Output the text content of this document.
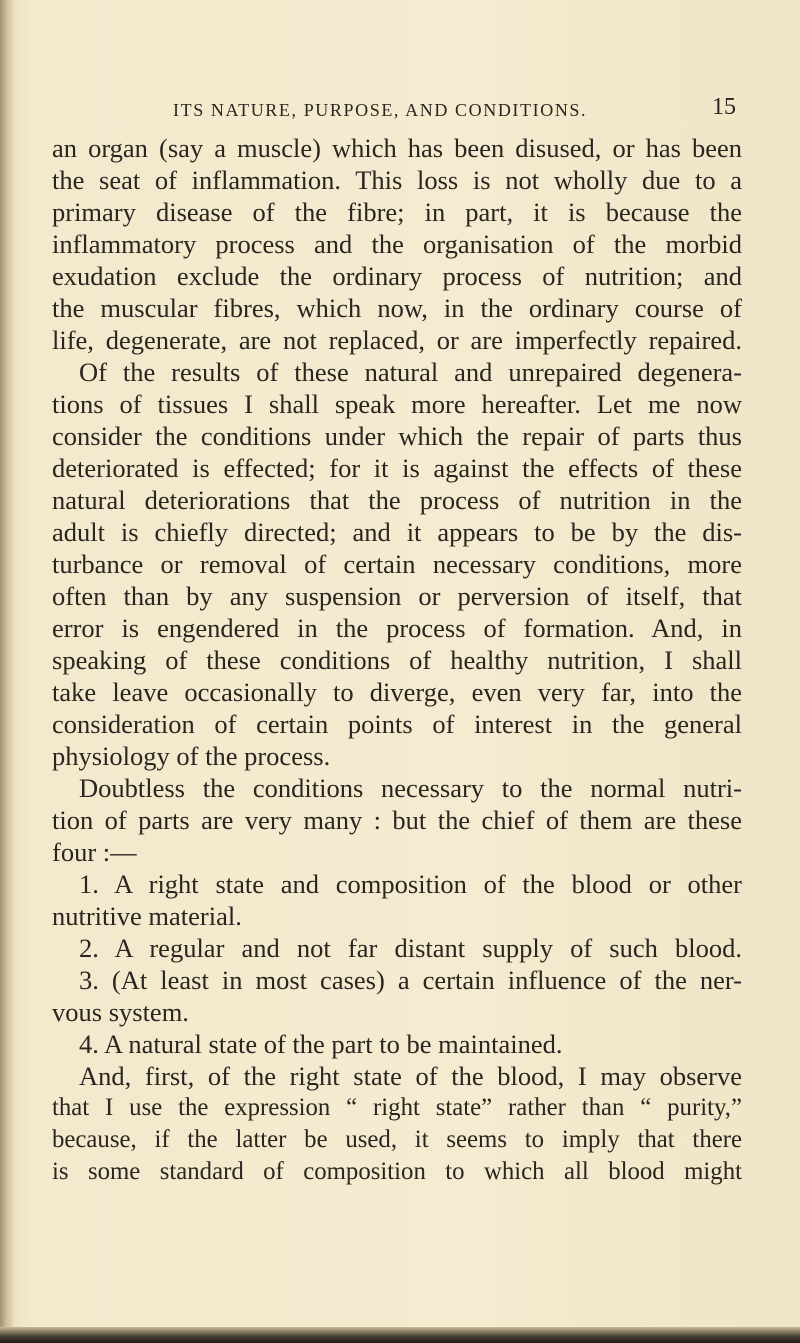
ITS NATURE, PURPOSE, AND CONDITIONS.	15
an organ (say a muscle) which has been disused, or has been
the seat of inflammation. This loss is not wholly due to a
primary disease of the fibre; in part, it is because the
inflammatory process and the organisation of the morbid
exudation exclude the ordinary process of nutrition; and
the muscular fibres, which now, in the ordinary course of
life, degenerate, are not replaced, or are imperfectly repaired.
Of the results of these natural and unrepaired degenera-
tions of tissues I shall speak more hereafter. Let me now
consider the conditions under which the repair of parts thus
deteriorated is effected; for it is against the effects of these
natural deteriorations that the process of nutrition in the
adult is chiefly directed; and it appears to be by the dis-
turbance or removal of certain necessary conditions, more
often than by any suspension or perversion of itself, that
error is engendered in the process of formation. And, in
speaking of these conditions of healthy nutrition, I shall
take leave occasionally to diverge, even very far, into the
consideration of certain points of interest in the general
physiology of the process.
Doubtless the conditions necessary to the normal nutri-
tion of parts are very many : but the chief of them are these
four :—
1. A right state and composition of the blood or other
nutritive material.
2. A regular and not far distant supply of such blood.
3. (At least in most cases) a certain influence of the ner-
vous system.
4. A natural state of the part to be maintained.
And, first, of the right state of the blood, I may observe
that I use the expression “ right state” rather than “ purity,”
because, if the latter be used, it seems to imply that there
is some standard of composition to which all blood might
